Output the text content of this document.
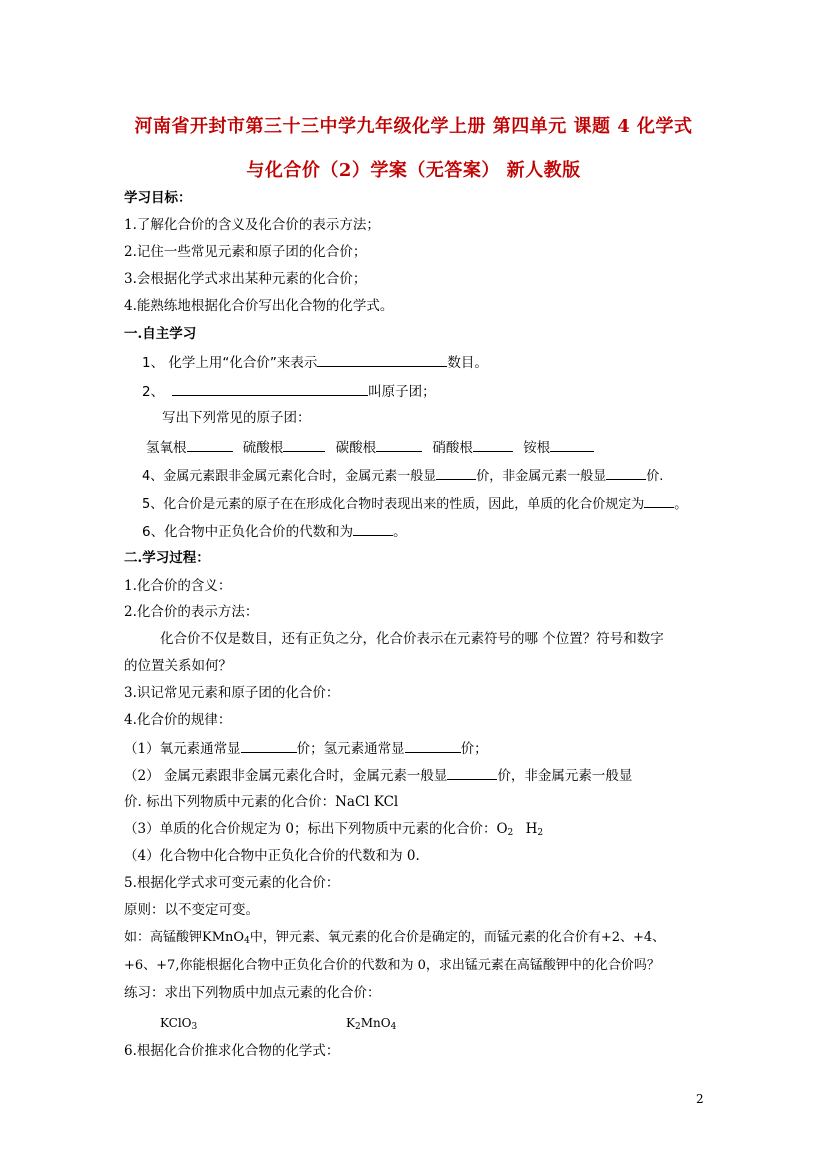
河南省开封市第三十三中学九年级化学上册 第四单元 课题 4 化学式
与化合价（2）学案（无答案） 新人教版
学习目标：
1.了解化合价的含义及化合价的表示方法；
2.记住一些常见元素和原子团的化合价；
3.会根据化学式求出某种元素的化合价；
4.能熟练地根据化合价写出化合物的化学式。
一.自主学习
1、 化学上用“化合价”来表示	数目。
2、	叫原子团；
写出下列常见的原子团：
氢氧根	硫酸根	碳酸根	硝酸根	铵根
4、金属元素跟非金属元素化合时，金属元素一般显	价，非金属元素一般显	价.
5、化合价是元素的原子在在形成化合物时表现出来的性质，因此，单质的化合价规定为 。
6、化合物中正负化合价的代数和为	。
二.学习过程：
1.化合价的含义：
2.化合价的表示方法：
化合价不仅是数目，还有正负之分，化合价表示在元素符号的哪 个位置？符号和数字
的位置关系如何？
3.识记常见元素和原子团的化合价：
4.化合价的规律：
（1）氧元素通常显	价；氢元素通常显	价；
（2） 金属元素跟非金属元素化合时，金属元素一般显	价，非金属元素一般显
价. 标出下列物质中元素的化合价：NaCl KCl
（3）单质的化合价规定为 0；标出下列物质中元素的化合价：$O_2$ $H_2$
（4）化合物中化合物中正负化合价的代数和为 0.
5.根据化学式求可变元素的化合价：
原则：以不变定可变。
如：高锰酸钾KMnO$_4$中，钾元素、氧元素的化合价是确定的，而锰元素的化合价有+2、+4、
+6、+7,你能根据化合物中正负化合价的代数和为 0，求出锰元素在高锰酸钾中的化合价吗？
练习：求出下列物质中加点元素的化合价：
KClO$_3$	$K_2MnO_4$
6.根据化合价推求化合物的化学式：
2
